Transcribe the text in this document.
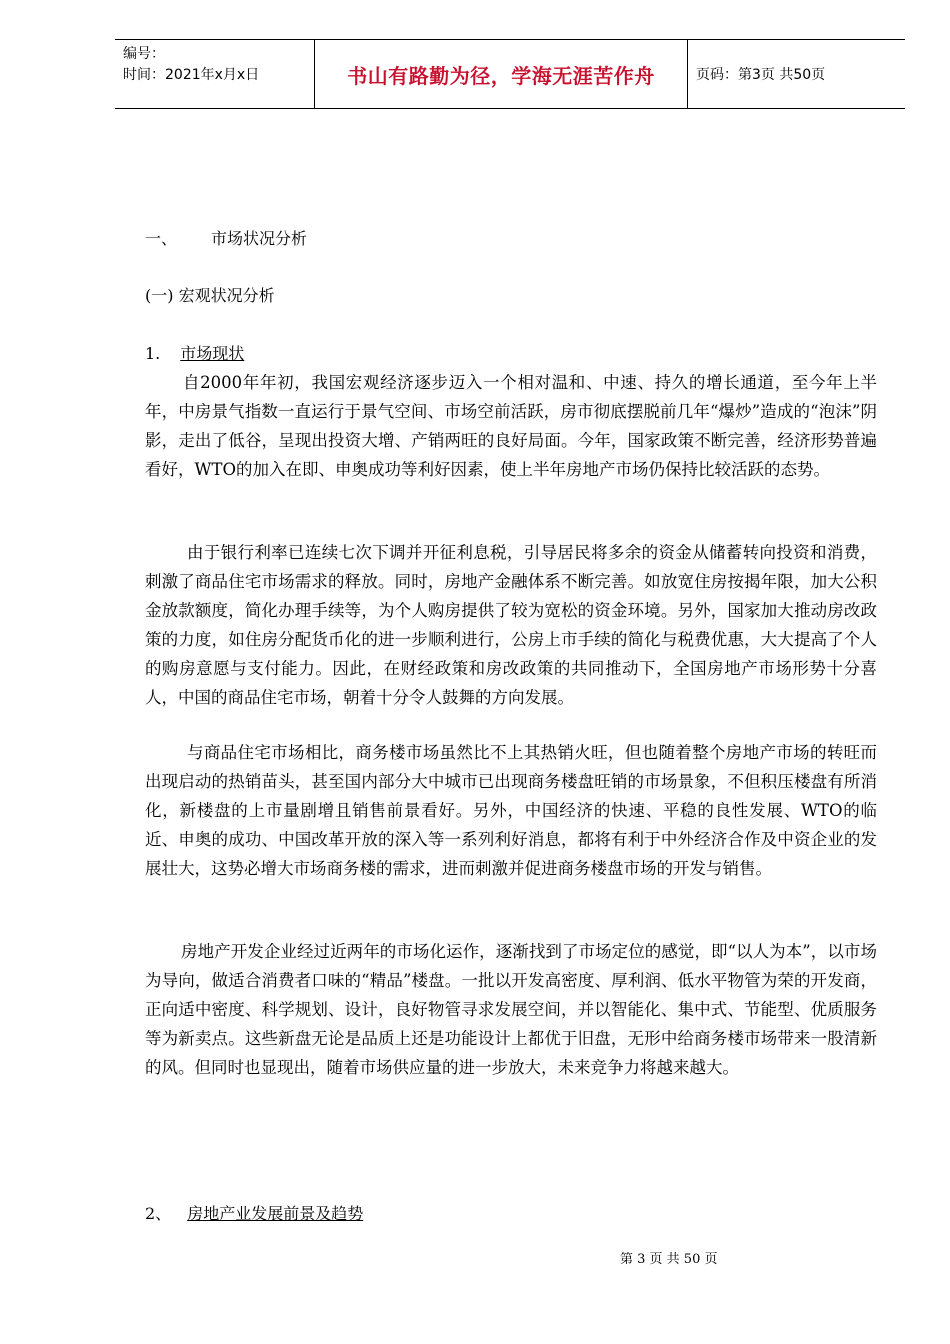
编号：
时间：2021年x月x日	书山有路勤为径，学海无涯苦作舟	页码：第3页 共50页
一、 市场状况分析
(一) 宏观状况分析
1. 市场现状
自2000年年初，我国宏观经济逐步迈入一个相对温和、中速、持久的增长通道，至今年上半年，中房景气指数一直运行于景气空间、市场空前活跃，房市彻底摆脱前几年“爆炒”造成的“泡沫”阴影，走出了低谷，呈现出投资大增、产销两旺的良好局面。今年，国家政策不断完善，经济形势普遍看好，WTO的加入在即、申奥成功等利好因素，使上半年房地产市场仍保持比较活跃的态势。
由于银行利率已连续七次下调并开征利息税，引导居民将多余的资金从储蓄转向投资和消费，刺激了商品住宅市场需求的释放。同时，房地产金融体系不断完善。如放宽住房按揭年限，加大公积金放款额度，简化办理手续等，为个人购房提供了较为宽松的资金环境。另外，国家加大推动房改政策的力度，如住房分配货币化的进一步顺利进行，公房上市手续的简化与税费优惠，大大提高了个人的购房意愿与支付能力。因此，在财经政策和房改政策的共同推动下，全国房地产市场形势十分喜人，中国的商品住宅市场，朝着十分令人鼓舞的方向发展。
与商品住宅市场相比，商务楼市场虽然比不上其热销火旺，但也随着整个房地产市场的转旺而出现启动的热销苗头，甚至国内部分大中城市已出现商务楼盘旺销的市场景象，不但积压楼盘有所消化，新楼盘的上市量剧增且销售前景看好。另外，中国经济的快速、平稳的良性发展、WTO的临近、申奥的成功、中国改革开放的深入等一系列利好消息，都将有利于中外经济合作及中资企业的发展壮大，这势必增大市场商务楼的需求，进而刺激并促进商务楼盘市场的开发与销售。
房地产开发企业经过近两年的市场化运作，逐渐找到了市场定位的感觉，即“以人为本”，以市场为导向，做适合消费者口味的“精品”楼盘。一批以开发高密度、厚利润、低水平物管为荣的开发商，正向适中密度、科学规划、设计，良好物管寻求发展空间，并以智能化、集中式、节能型、优质服务等为新卖点。这些新盘无论是品质上还是功能设计上都优于旧盘，无形中给商务楼市场带来一股清新的风。但同时也显现出，随着市场供应量的进一步放大，未来竞争力将越来越大。
2、 房地产业发展前景及趋势
第 3 页 共 50 页
